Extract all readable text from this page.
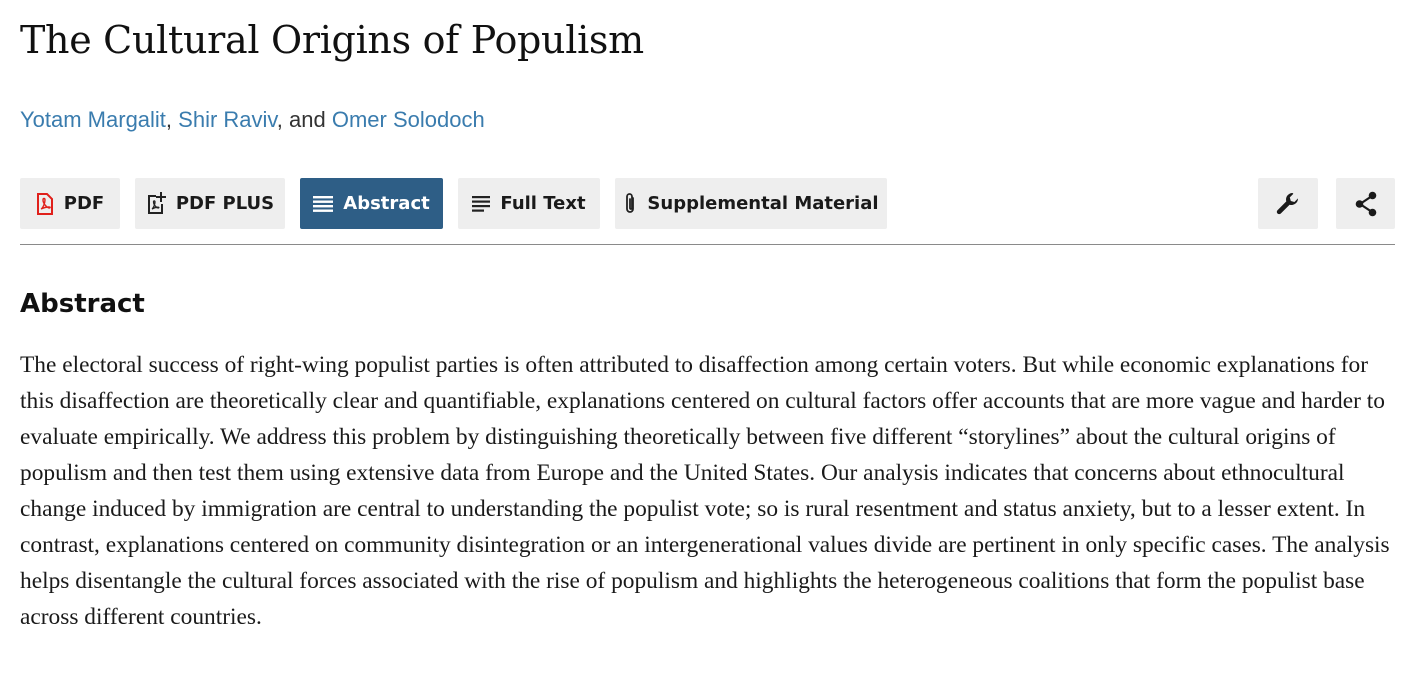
The Cultural Origins of Populism
Yotam Margalit, Shir Raviv, and Omer Solodoch
PDF	PDF PLUS	Abstract	Full Text	Supplemental Material
Abstract

The electoral success of right-wing populist parties is often attributed to disaffection among certain voters. But while economic explanations for this disaffection are theoretically clear and quantifiable, explanations centered on cultural factors offer accounts that are more vague and harder to evaluate empirically. We address this problem by distinguishing theoretically between five different “storylines” about the cultural origins of populism and then test them using extensive data from Europe and the United States. Our analysis indicates that concerns about ethnocultural change induced by immigration are central to understanding the populist vote; so is rural resentment and status anxiety, but to a lesser extent. In contrast, explanations centered on community disintegration or an intergenerational values divide are pertinent in only specific cases. The analysis helps disentangle the cultural forces associated with the rise of populism and highlights the heterogeneous coalitions that form the populist base across different countries.
